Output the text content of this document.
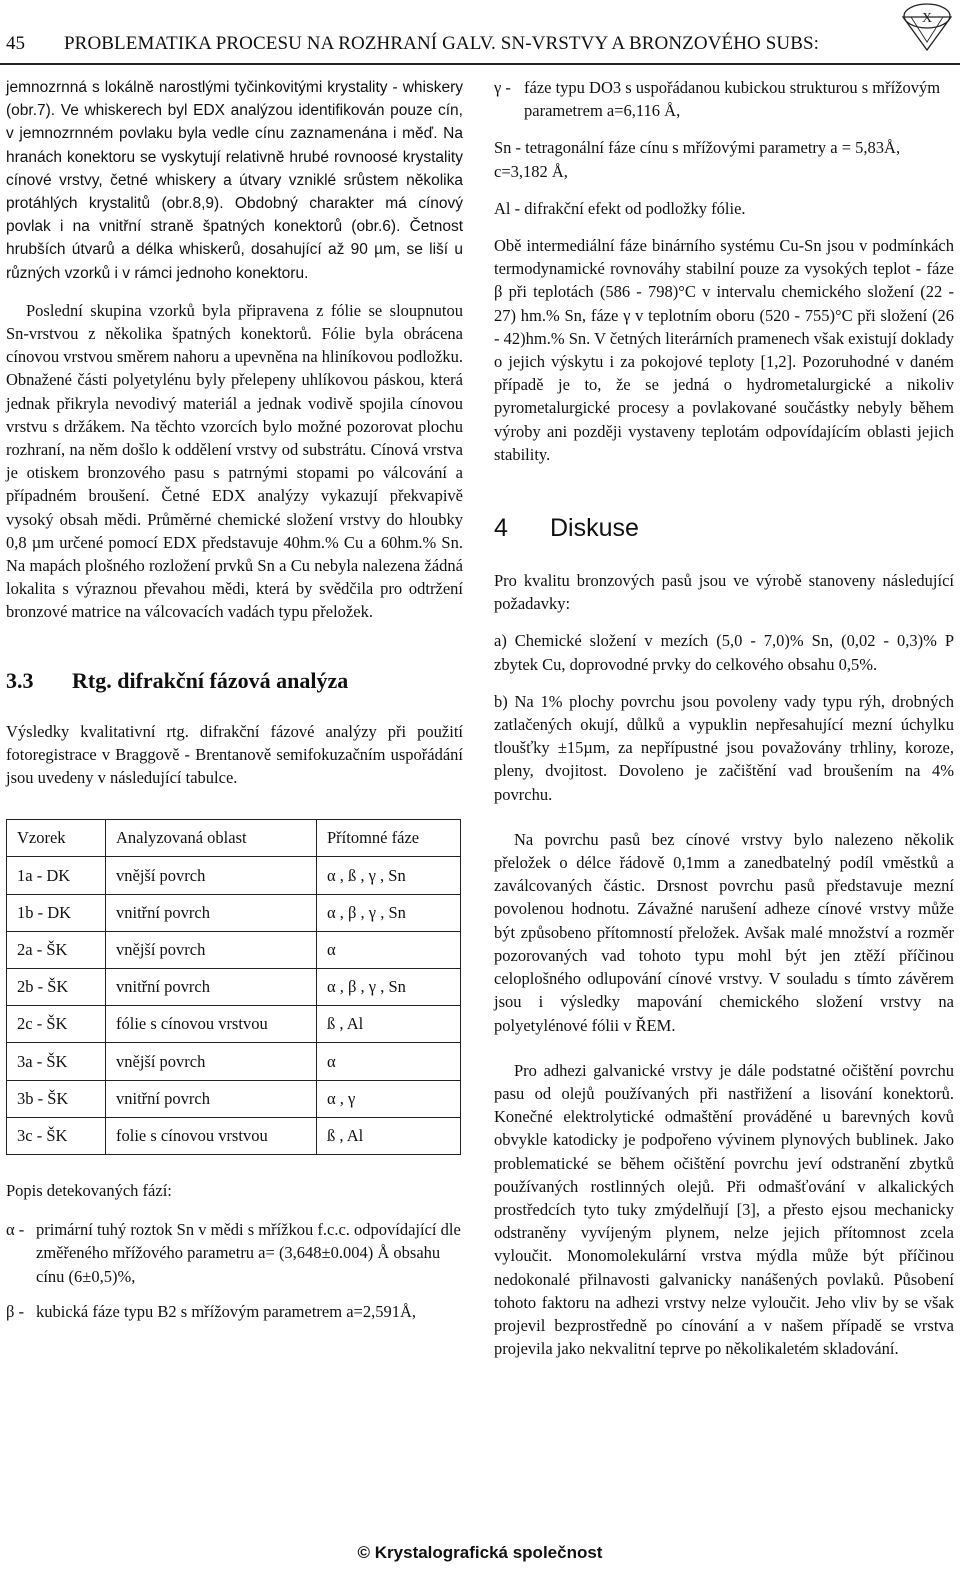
45 PROBLEMATIKA PROCESU NA ROZHRANÍ GALV. SN-VRSTVY A BRONZOVÉHO SUBS:
X

jemnozrnná s lokálně narostlými tyčinkovitými krystality - whiskery (obr.7). Ve whiskerech byl EDX analýzou identifikován pouze cín, v jemnozrnném povlaku byla vedle cínu zaznamenána i měď. Na hranách konektoru se vyskytují relativně hrubé rovnoosé krystality cínové vrstvy, četné whiskery a útvary vzniklé srůstem několika protáhlých krystalitů (obr.8,9). Obdobný charakter má cínový povlak i na vnitřní straně špatných konektorů (obr.6). Četnost hrubších útvarů a délka whiskerů, dosahující až 90 µm, se liší u různých vzorků i v rámci jednoho konektoru.

Poslední skupina vzorků byla připravena z fólie se sloupnutou Sn-vrstvou z několika špatných konektorů. Fólie byla obrácena cínovou vrstvou směrem nahoru a upevněna na hliníkovou podložku. Obnažené části polyetylénu byly přelepeny uhlíkovou páskou, která jednak přikryla nevodivý materiál a jednak vodivě spojila cínovou vrstvu s držákem. Na těchto vzorcích bylo možné pozorovat plochu rozhraní, na něm došlo k oddělení vrstvy od substrátu. Cínová vrstva je otiskem bronzového pasu s patrnými stopami po válcování a případném broušení. Četné EDX analýzy vykazují překvapivě vysoký obsah mědi. Průměrné chemické složení vrstvy do hloubky 0,8 µm určené pomocí EDX představuje 40hm.% Cu a 60hm.% Sn. Na mapách plošného rozložení prvků Sn a Cu nebyla nalezena žádná lokalita s výraznou převahou mědi, která by svědčila pro odtržení bronzové matrice na válcovacích vadách typu přeložek.

3.3 Rtg. difrakční fázová analýza

Výsledky kvalitativní rtg. difrakční fázové analýzy při použití fotoregistrace v Braggově - Brentanově semifokuzačním uspořádání jsou uvedeny v následující tabulce.

Vzorek	Analyzovaná oblast	Přítomné fáze
1a - DK	vnější povrch	α , ß , γ , Sn
1b - DK	vnitřní povrch	α , β , γ , Sn
2a - ŠK	vnější povrch	α
2b - ŠK	vnitřní povrch	α , β , γ , Sn
2c - ŠK	fólie s cínovou vrstvou	ß , Al
3a - ŠK	vnější povrch	α
3b - ŠK	vnitřní povrch	α , γ
3c - ŠK	folie s cínovou vrstvou	ß , Al

Popis detekovaných fází:

α - primární tuhý roztok Sn v mědi s mřížkou f.c.c. odpovídající dle změřeného mřížového parametru a= (3,648±0.004) Å obsahu cínu (6±0,5)%,
β - kubická fáze typu B2 s mřížovým parametrem a=2,591Å,
γ - fáze typu DO3 s uspořádanou kubickou strukturou s mřížovým parametrem a=6,116 Å,

Sn - tetragonální fáze cínu s mřížovými parametry a = 5,83Å, c=3,182 Å,

Al - difrakční efekt od podložky fólie.

Obě intermediální fáze binárního systému Cu-Sn jsou v podmínkách termodynamické rovnováhy stabilní pouze za vysokých teplot - fáze β při teplotách (586 - 798)°C v intervalu chemického složení (22 - 27) hm.% Sn, fáze γ v teplotním oboru (520 - 755)°C při složení (26 - 42)hm.% Sn. V četných literárních pramenech však existují doklady o jejich výskytu i za pokojové teploty [1,2]. Pozoruhodné v daném případě je to, že se jedná o hydrometalurgické a nikoliv pyrometalurgické procesy a povlakované součástky nebyly během výroby ani později vystaveny teplotám odpovídajícím oblasti jejich stability.

4 Diskuse

Pro kvalitu bronzových pasů jsou ve výrobě stanoveny následující požadavky:

a) Chemické složení v mezích (5,0 - 7,0)% Sn, (0,02 - 0,3)% P zbytek Cu, doprovodné prvky do celkového obsahu 0,5%.

b) Na 1% plochy povrchu jsou povoleny vady typu rýh, drobných zatlačených okují, důlků a vypuklin nepřesahující mezní úchylku tloušťky ±15µm, za nepřípustné jsou považovány trhliny, koroze, pleny, dvojitost. Dovoleno je začištění vad broušením na 4% povrchu.

Na povrchu pasů bez cínové vrstvy bylo nalezeno několik přeložek o délce řádově 0,1mm a zanedbatelný podíl vměstků a zaválcovaných částic. Drsnost povrchu pasů představuje mezní povolenou hodnotu. Závažné narušení adheze cínové vrstvy může být způsobeno přítomností přeložek. Avšak malé množství a rozměr pozorovaných vad tohoto typu mohl být jen ztěží příčinou celoplošného odlupování cínové vrstvy. V souladu s tímto závěrem jsou i výsledky mapování chemického složení vrstvy na polyetylénové fólii v ŘEM.

Pro adhezi galvanické vrstvy je dále podstatné očištění povrchu pasu od olejů používaných při nastřižení a lisování konektorů. Konečné elektrolytické odmaštění prováděné u barevných kovů obvykle katodicky je podpořeno vývinem plynových bublinek. Jako problematické se během očištění povrchu jeví odstranění zbytků používaných rostlinných olejů. Při odmašťování v alkalických prostředcích tyto tuky zmýdelňují [3], a přesto ejsou mechanicky odstraněny vyvíjeným plynem, nelze jejich přítomnost zcela vyloučit. Monomolekulární vrstva mýdla může být příčinou nedokonalé přilnavosti galvanicky nanášených povlaků. Působení tohoto faktoru na adhezi vrstvy nelze vyloučit. Jeho vliv by se však projevil bezprostředně po cínování a v našem případě se vrstva projevila jako nekvalitní teprve po několikaletém skladování.

© Krystalografická společnost
